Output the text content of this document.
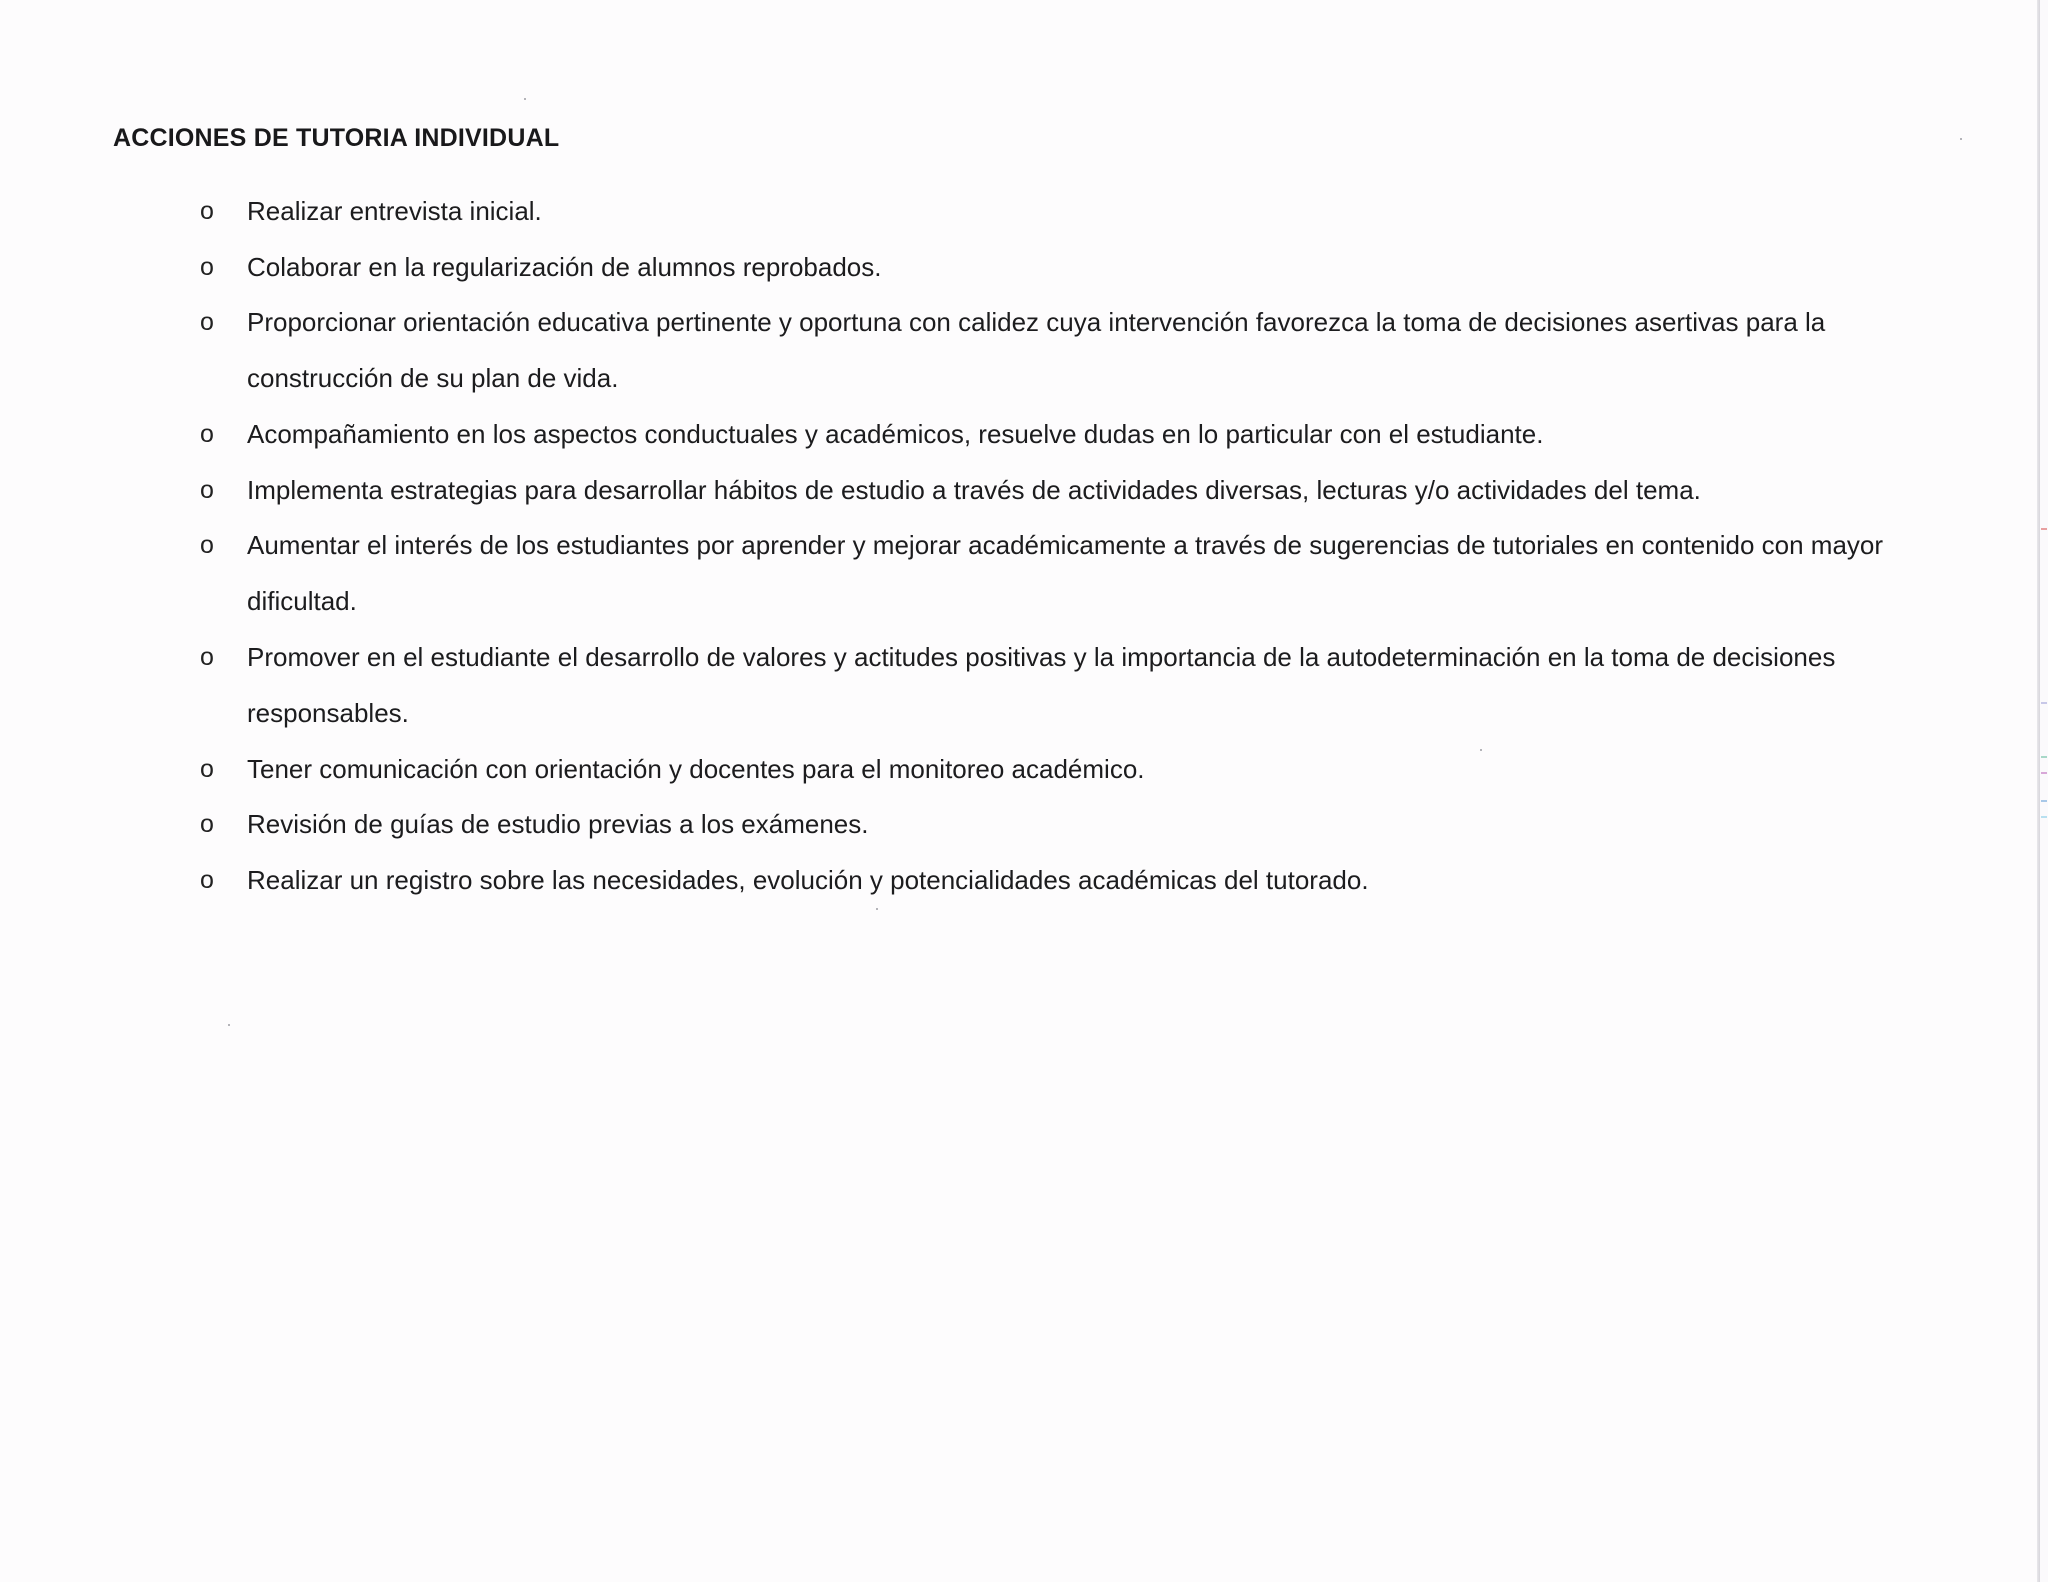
ACCIONES DE TUTORIA INDIVIDUAL
o Realizar entrevista inicial.
o Colaborar en la regularización de alumnos reprobados.
o Proporcionar orientación educativa pertinente y oportuna con calidez cuya intervención favorezca la toma de decisiones asertivas para la construcción de su plan de vida.
o Acompañamiento en los aspectos conductuales y académicos, resuelve dudas en lo particular con el estudiante.
o Implementa estrategias para desarrollar hábitos de estudio a través de actividades diversas, lecturas y/o actividades del tema.
o Aumentar el interés de los estudiantes por aprender y mejorar académicamente a través de sugerencias de tutoriales en contenido con mayor dificultad.
o Promover en el estudiante el desarrollo de valores y actitudes positivas y la importancia de la autodeterminación en la toma de decisiones responsables.
o Tener comunicación con orientación y docentes para el monitoreo académico.
o Revisión de guías de estudio previas a los exámenes.
o Realizar un registro sobre las necesidades, evolución y potencialidades académicas del tutorado.
